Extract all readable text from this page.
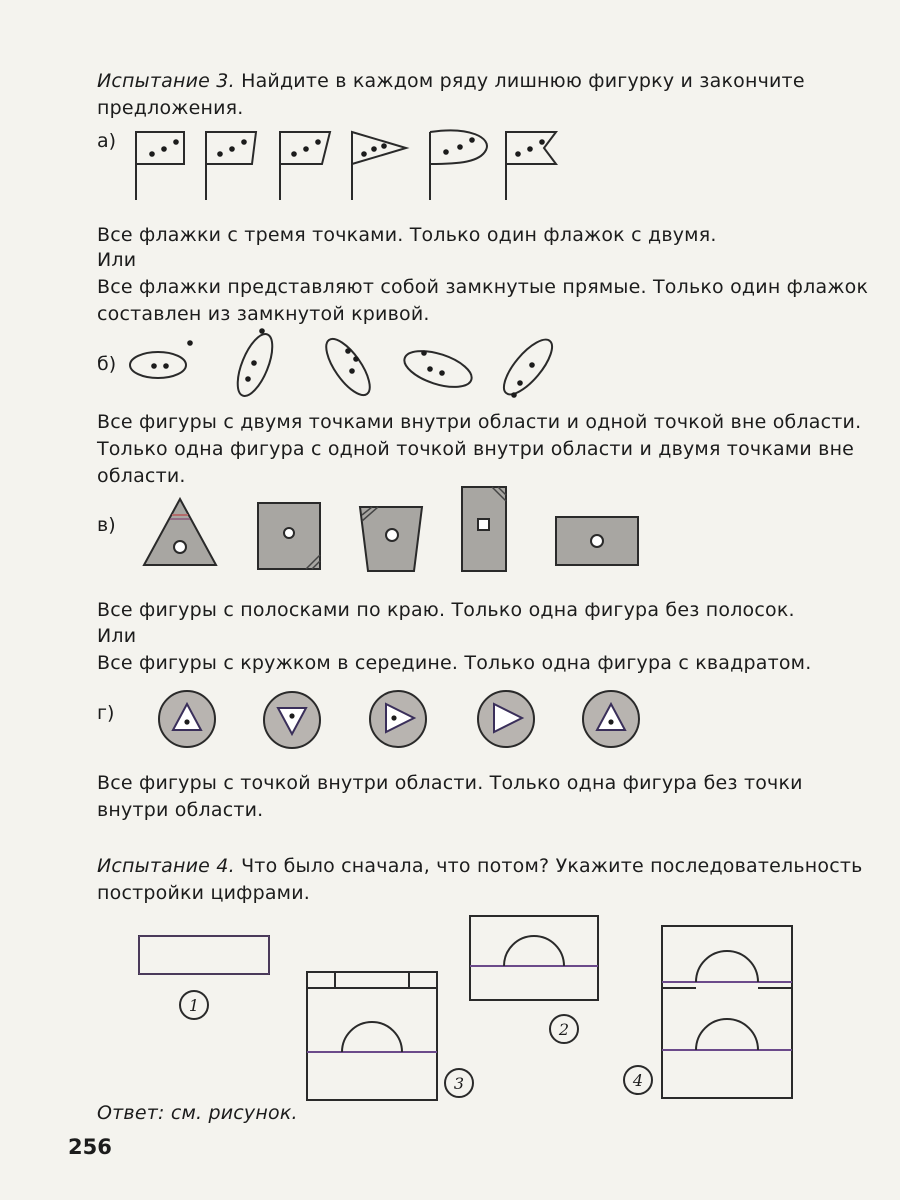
Испытание 3. Найдите в каждом ряду лишнюю фигурку и закончите предложения.

а)

Все флажки с тремя точками. Только один флажок с двумя.

Или

Все флажки представляют собой замкнутые прямые. Только один флажок составлен из замкнутой кривой.

б)

Все фигуры с двумя точками внутри области и одной точкой вне области. Только одна фигура с одной точкой внутри области и двумя точками вне области.

в)

Все фигуры с полосками по краю. Только одна фигура без полосок.

Или

Все фигуры с кружком в середине. Только одна фигура с квадратом.

г)

Все фигуры с точкой внутри области. Только одна фигура без точки внутри области.

Испытание 4. Что было сначала, что потом? Укажите последовательность постройки цифрами.

1
2
3	4

Ответ: см. рисунок.

256
